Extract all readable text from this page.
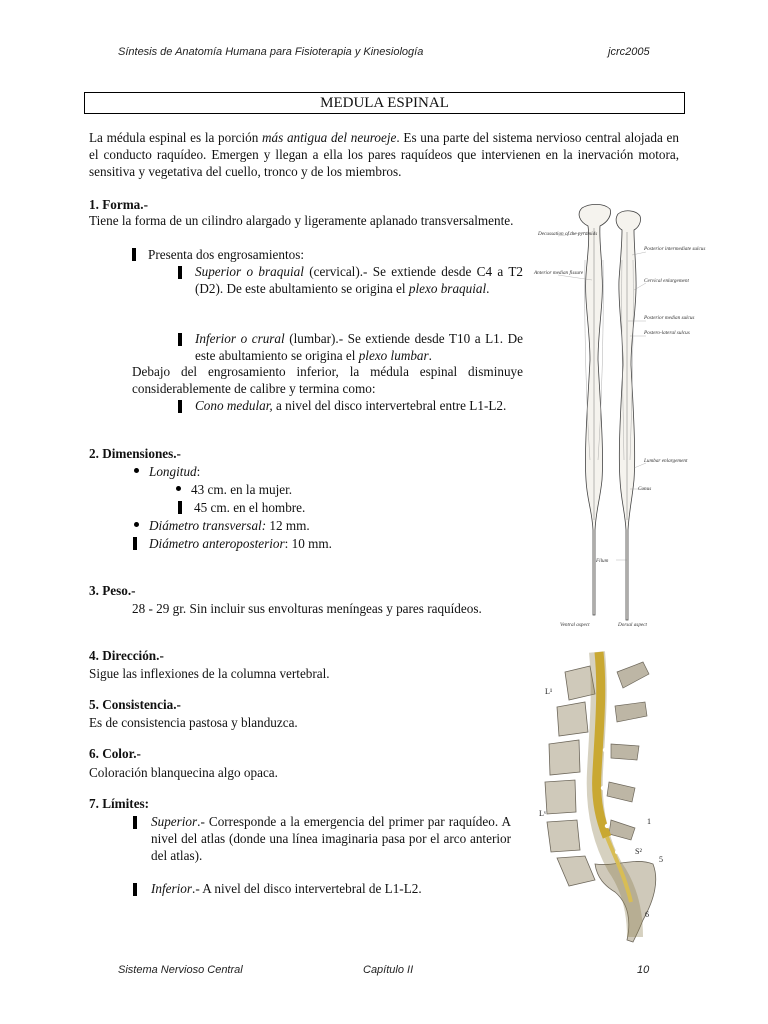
Síntesis de Anatomía Humana para Fisioterapia y Kinesiología	jcrc2005
MEDULA ESPINAL
La médula espinal es la porción más antigua del neuroeje. Es una parte del sistema nervioso central alojada en el conducto raquídeo. Emergen y llegan a ella los pares raquídeos que intervienen en la inervación motora, sensitiva y vegetativa del cuello, tronco y de los miembros.
1. Forma.-
Tiene la forma de un cilindro alargado y ligeramente aplanado transversalmente.
Presenta dos engrosamientos:
Superior o braquial (cervical).- Se extiende desde C4 a T2 (D2). De este abultamiento se origina el plexo braquial.
Inferior o crural (lumbar).- Se extiende desde T10 a L1. De este abultamiento se origina el plexo lumbar.
Debajo del engrosamiento inferior, la médula espinal disminuye considerablemente de calibre y termina como:
Cono medular, a nivel del disco intervertebral entre L1-L2.
2. Dimensiones.-
Longitud:
43 cm. en la mujer.
45 cm. en el hombre.
Diámetro transversal: 12 mm.
Diámetro anteroposterior: 10 mm.
3. Peso.-
28 - 29 gr. Sin incluir sus envolturas meníngeas y pares raquídeos.
4. Dirección.-
Sigue las inflexiones de la columna vertebral.
5. Consistencia.-
Es de consistencia pastosa y blanduzca.
6. Color.-
Coloración blanquecina algo opaca.
7. Límites:
Superior.- Corresponde a la emergencia del primer par raquídeo. A nivel del atlas (donde una línea imaginaria pasa por el arco anterior del atlas).
Inferior.- A nivel del disco intervertebral de L1-L2.
Decussation of the pyramids
Anterior median fissure
Posterior intermediate sulcus
Cervical enlargement
Posterior median sulcus
Postero-lateral sulcus
Lumbar enlargement
Conus
Filum
Ventral aspect	Dorsal aspect
L¹
Lᵛ
1
S²
5
6
Sistema Nervioso Central	Capítulo II	10
